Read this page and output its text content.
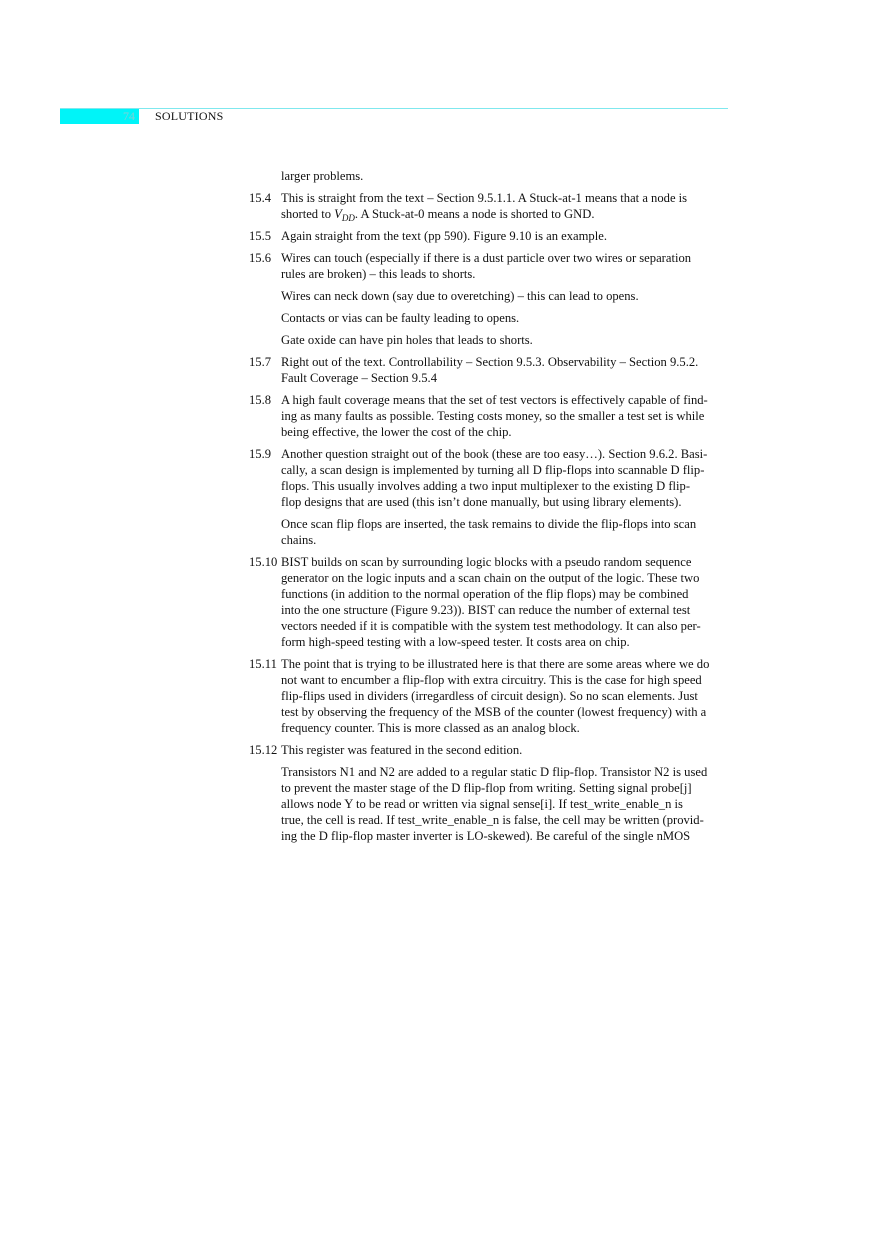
74 SOLUTIONS
larger problems.
15.4 This is straight from the text – Section 9.5.1.1. A Stuck-at-1 means that a node is
shorted to $V_{DD}$. A Stuck-at-0 means a node is shorted to GND.
15.5 Again straight from the text (pp 590). Figure 9.10 is an example.
15.6 Wires can touch (especially if there is a dust particle over two wires or separation
rules are broken) – this leads to shorts.
Wires can neck down (say due to overetching) – this can lead to opens.
Contacts or vias can be faulty leading to opens.
Gate oxide can have pin holes that leads to shorts.
15.7 Right out of the text. Controllability – Section 9.5.3. Observability – Section 9.5.2.
Fault Coverage – Section 9.5.4
15.8 A high fault coverage means that the set of test vectors is effectively capable of find-
ing as many faults as possible. Testing costs money, so the smaller a test set is while
being effective, the lower the cost of the chip.
15.9 Another question straight out of the book (these are too easy…). Section 9.6.2. Basi-
cally, a scan design is implemented by turning all D flip-flops into scannable D flip-
flops. This usually involves adding a two input multiplexer to the existing D flip-
flop designs that are used (this isn’t done manually, but using library elements).
Once scan flip flops are inserted, the task remains to divide the flip-flops into scan
chains.
15.10 BIST builds on scan by surrounding logic blocks with a pseudo random sequence
generator on the logic inputs and a scan chain on the output of the logic. These two
functions (in addition to the normal operation of the flip flops) may be combined
into the one structure (Figure 9.23)). BIST can reduce the number of external test
vectors needed if it is compatible with the system test methodology. It can also per-
form high-speed testing with a low-speed tester. It costs area on chip.
15.11 The point that is trying to be illustrated here is that there are some areas where we do
not want to encumber a flip-flop with extra circuitry. This is the case for high speed
flip-flips used in dividers (irregardless of circuit design). So no scan elements. Just
test by observing the frequency of the MSB of the counter (lowest frequency) with a
frequency counter. This is more classed as an analog block.
15.12 This register was featured in the second edition.
Transistors N1 and N2 are added to a regular static D flip-flop. Transistor N2 is used
to prevent the master stage of the D flip-flop from writing. Setting signal probe[j]
allows node Y to be read or written via signal sense[i]. If test_write_enable_n is
true, the cell is read. If test_write_enable_n is false, the cell may be written (provid-
ing the D flip-flop master inverter is LO-skewed). Be careful of the single nMOS
